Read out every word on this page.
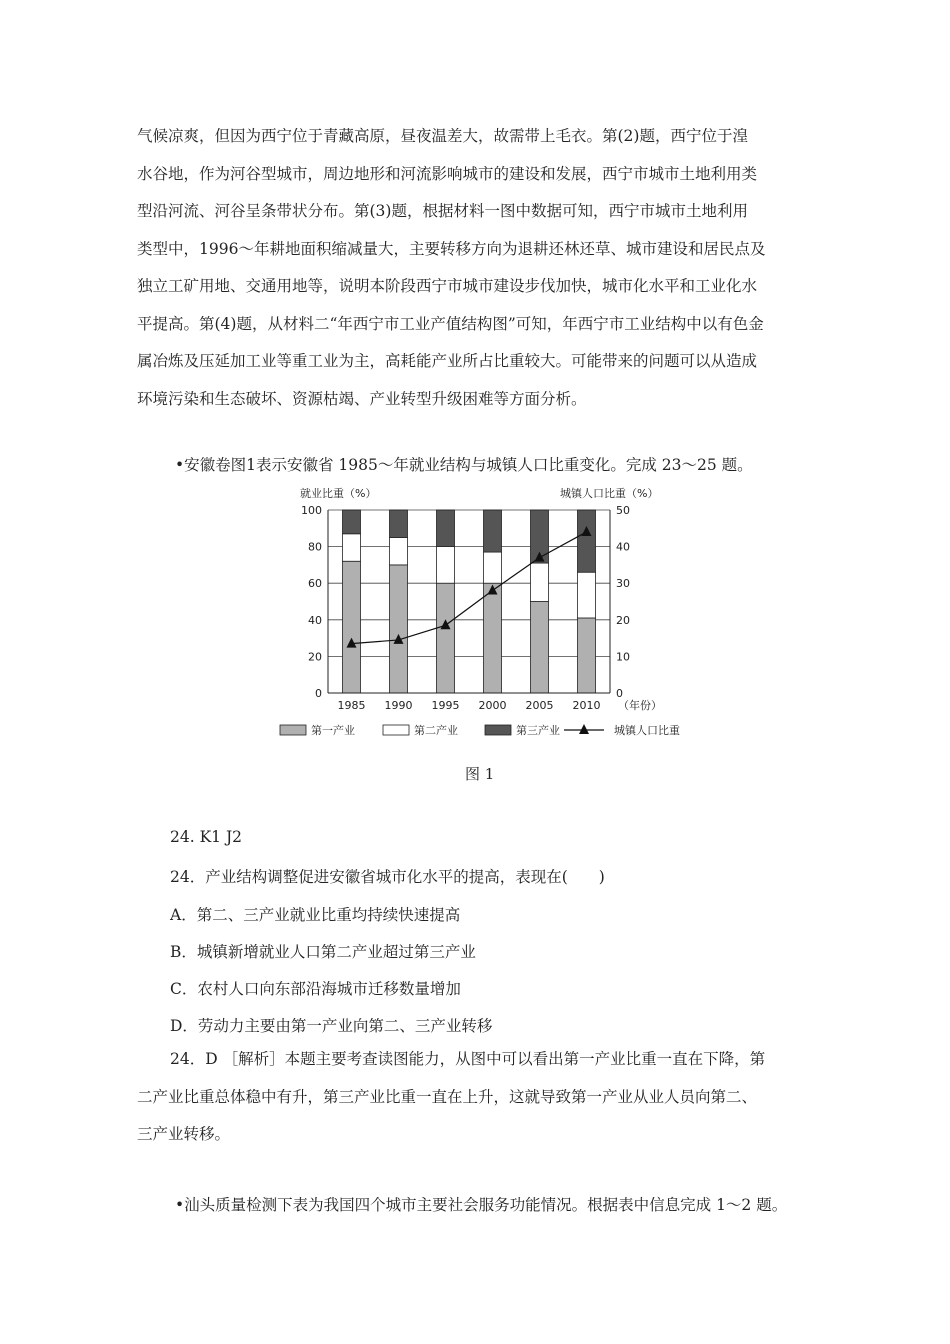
气候凉爽，但因为西宁位于青藏高原，昼夜温差大，故需带上毛衣。第(2)题，西宁位于湟
水谷地，作为河谷型城市，周边地形和河流影响城市的建设和发展，西宁市城市土地利用类
型沿河流、河谷呈条带状分布。第(3)题，根据材料一图中数据可知，西宁市城市土地利用
类型中，1996～年耕地面积缩减量大，主要转移方向为退耕还林还草、城市建设和居民点及
独立工矿用地、交通用地等，说明本阶段西宁市城市建设步伐加快，城市化水平和工业化水
平提高。第(4)题，从材料二“年西宁市工业产值结构图”可知，年西宁市工业结构中以有色金
属冶炼及压延加工业等重工业为主，高耗能产业所占比重较大。可能带来的问题可以从造成
环境污染和生态破坏、资源枯竭、产业转型升级困难等方面分析。
•安徽卷图1表示安徽省 1985～年就业结构与城镇人口比重变化。完成 23～25 题。
就业比重（%）	城镇人口比重（%）
0
20
40
60
80
100
0
10
20
30
40
50
1985 1990 1995 2000 2005 2010 （年份）
第一产业	第二产业	第三产业	城镇人口比重
图 1
24. K1 J2
24．产业结构调整促进安徽省城市化水平的提高，表现在(　　)
A．第二、三产业就业比重均持续快速提高
B．城镇新增就业人口第二产业超过第三产业
C．农村人口向东部沿海城市迁移数量增加
D．劳动力主要由第一产业向第二、三产业转移
24．D ［解析］本题主要考查读图能力，从图中可以看出第一产业比重一直在下降，第
二产业比重总体稳中有升，第三产业比重一直在上升，这就导致第一产业从业人员向第二、
三产业转移。
•汕头质量检测下表为我国四个城市主要社会服务功能情况。根据表中信息完成 1～2 题。
